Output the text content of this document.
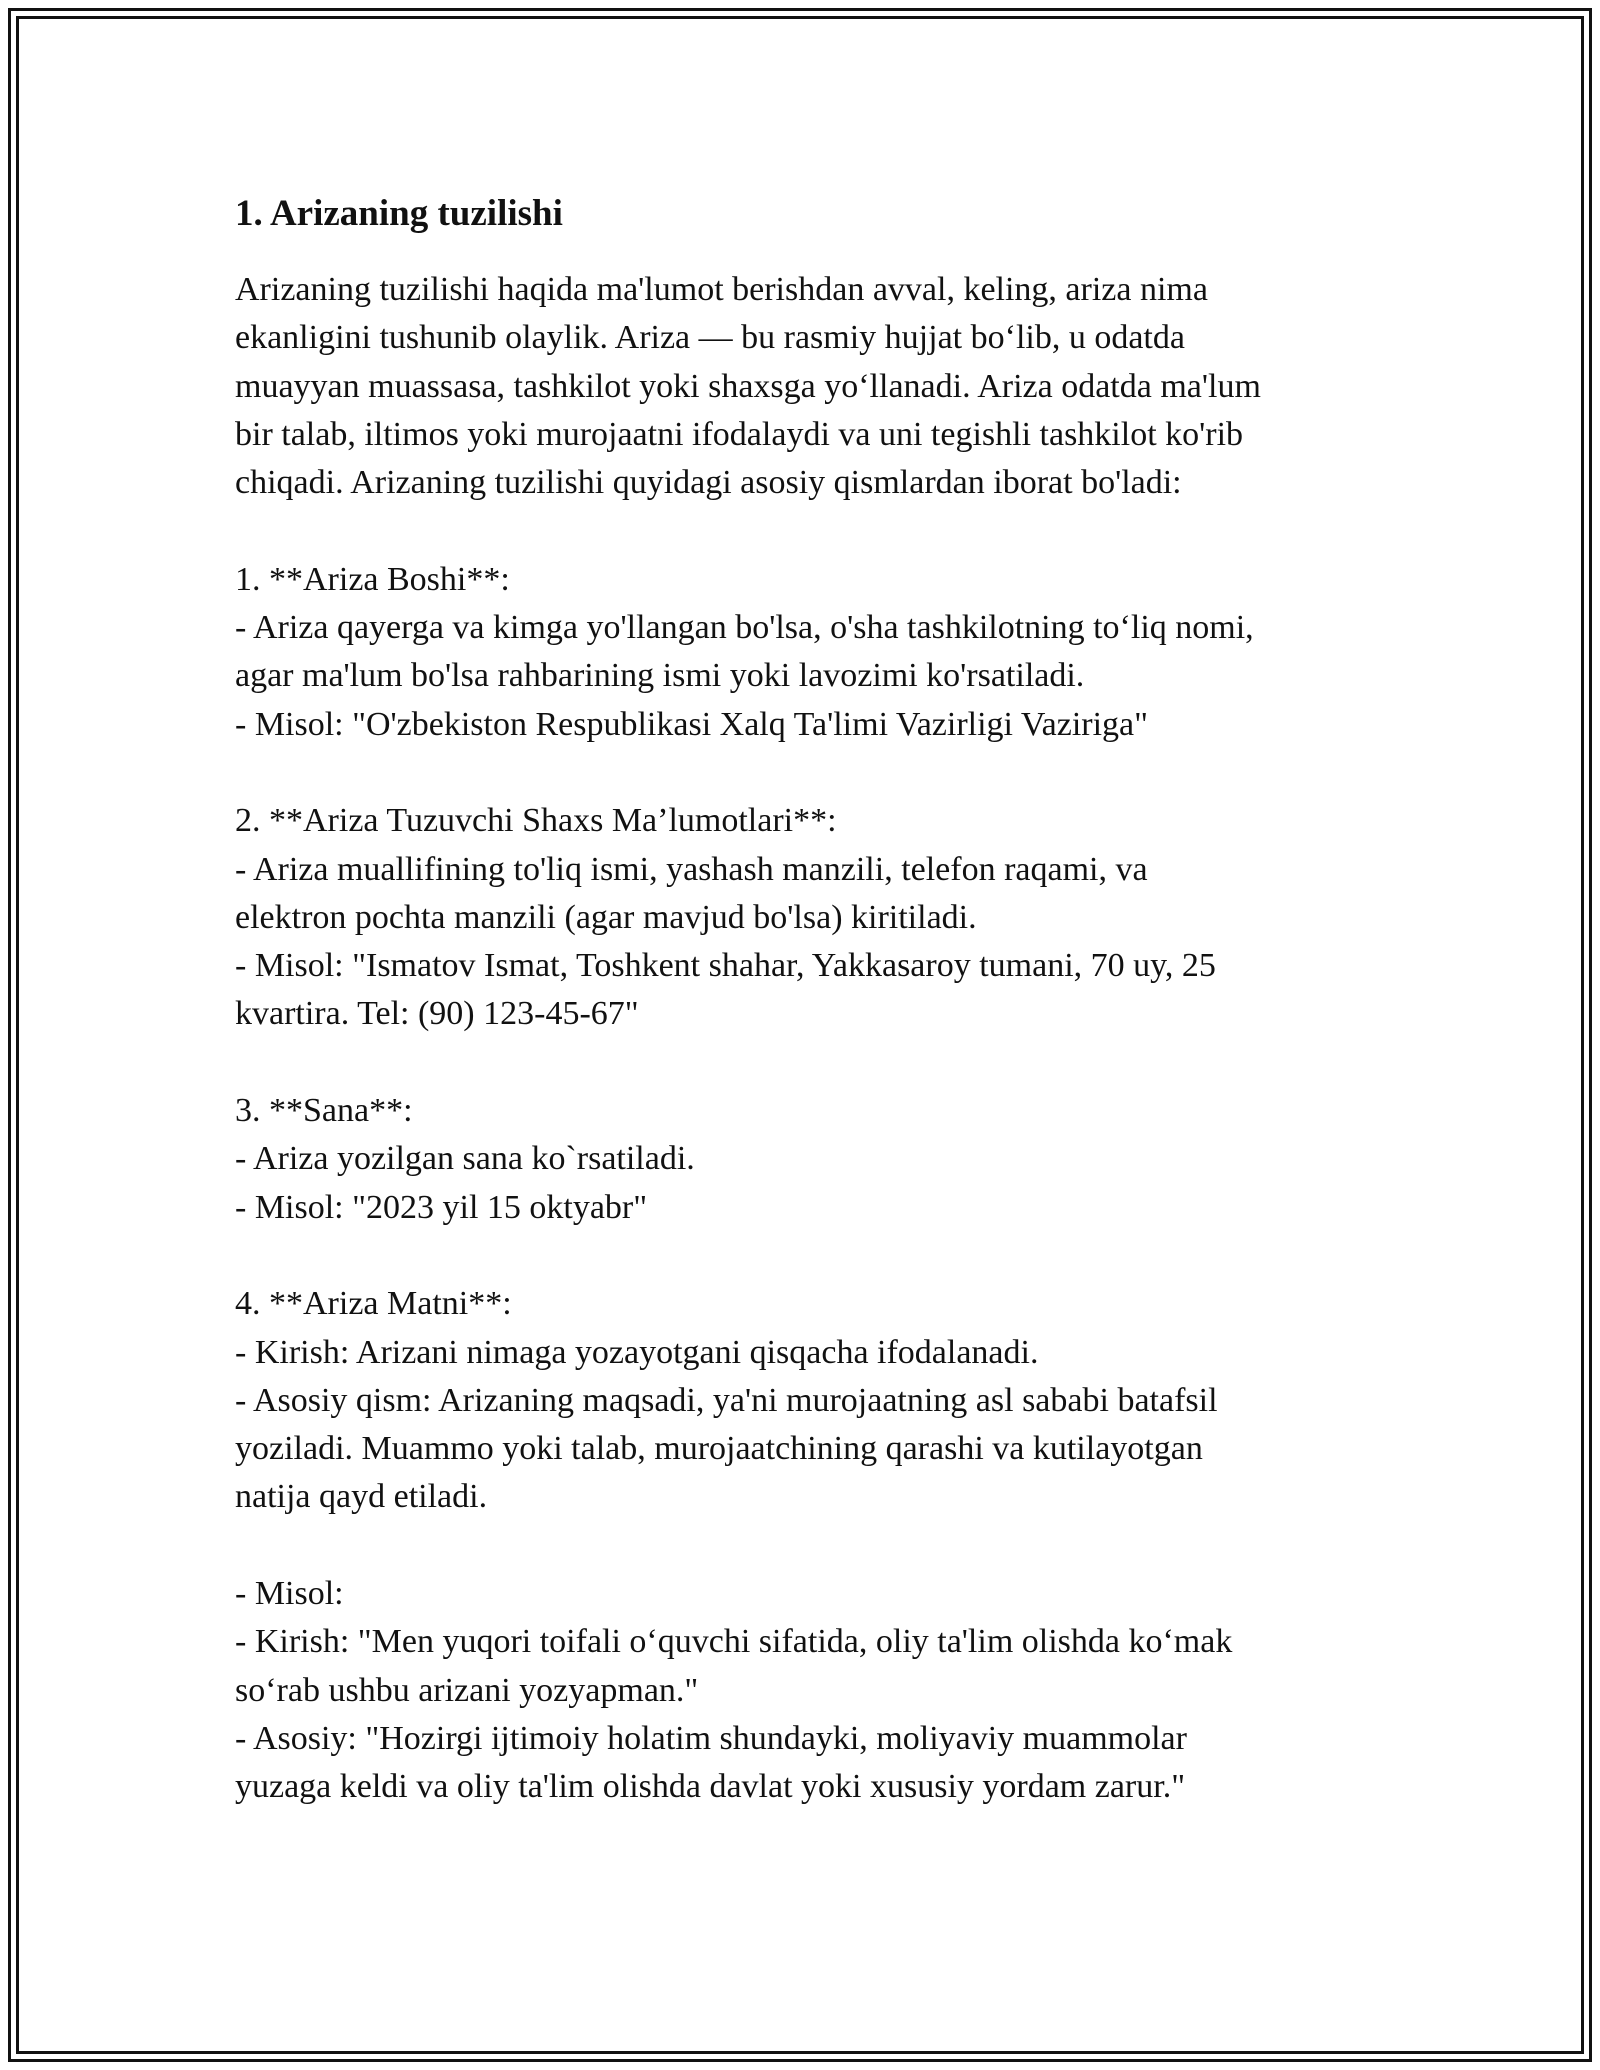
1. Arizaning tuzilishi

Arizaning tuzilishi haqida ma'lumot berishdan avval, keling, ariza nima
ekanligini tushunib olaylik. Ariza — bu rasmiy hujjat bo‘lib, u odatda
muayyan muassasa, tashkilot yoki shaxsga yo‘llanadi. Ariza odatda ma'lum
bir talab, iltimos yoki murojaatni ifodalaydi va uni tegishli tashkilot ko'rib
chiqadi. Arizaning tuzilishi quyidagi asosiy qismlardan iborat bo'ladi:

1. **Ariza Boshi**:
- Ariza qayerga va kimga yo'llangan bo'lsa, o'sha tashkilotning to‘liq nomi,
agar ma'lum bo'lsa rahbarining ismi yoki lavozimi ko'rsatiladi.
- Misol: "O'zbekiston Respublikasi Xalq Ta'limi Vazirligi Vaziriga"

2. **Ariza Tuzuvchi Shaxs Ma’lumotlari**:
- Ariza muallifining to'liq ismi, yashash manzili, telefon raqami, va
elektron pochta manzili (agar mavjud bo'lsa) kiritiladi.
- Misol: "Ismatov Ismat, Toshkent shahar, Yakkasaroy tumani, 70 uy, 25
kvartira. Tel: (90) 123-45-67"

3. **Sana**:
- Ariza yozilgan sana ko`rsatiladi.
- Misol: "2023 yil 15 oktyabr"

4. **Ariza Matni**:
- Kirish: Arizani nimaga yozayotgani qisqacha ifodalanadi.
- Asosiy qism: Arizaning maqsadi, ya'ni murojaatning asl sababi batafsil
yoziladi. Muammo yoki talab, murojaatchining qarashi va kutilayotgan
natija qayd etiladi.

- Misol:
- Kirish: "Men yuqori toifali o‘quvchi sifatida, oliy ta'lim olishda ko‘mak
so‘rab ushbu arizani yozyapman."
- Asosiy: "Hozirgi ijtimoiy holatim shundayki, moliyaviy muammolar
yuzaga keldi va oliy ta'lim olishda davlat yoki xususiy yordam zarur."
